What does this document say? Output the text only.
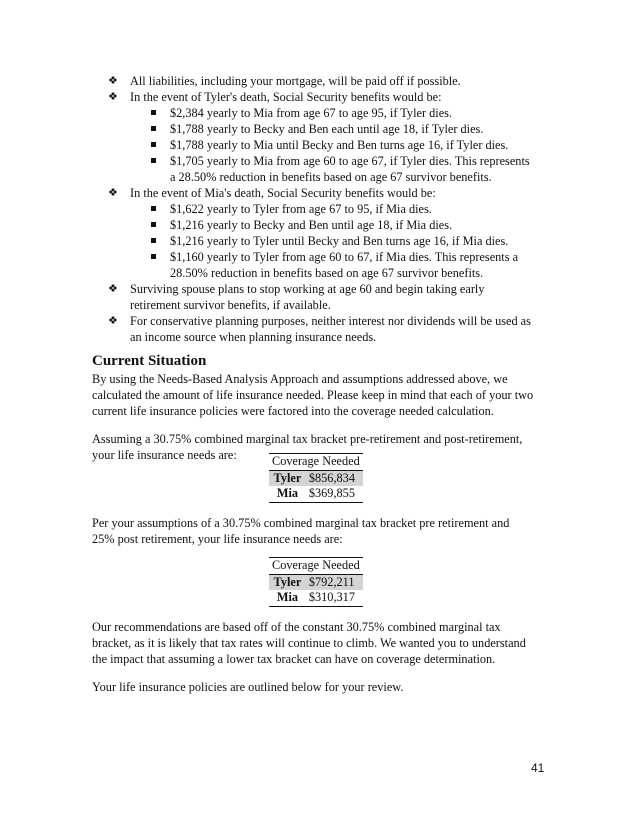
❖ All liabilities, including your mortgage, will be paid off if possible.
❖ In the event of Tyler's death, Social Security benefits would be:
$2,384 yearly to Mia from age 67 to age 95, if Tyler dies.
$1,788 yearly to Becky and Ben each until age 18, if Tyler dies.
$1,788 yearly to Mia until Becky and Ben turns age 16, if Tyler dies.
$1,705 yearly to Mia from age 60 to age 67, if Tyler dies. This represents
a 28.50% reduction in benefits based on age 67 survivor benefits.
❖ In the event of Mia's death, Social Security benefits would be:
$1,622 yearly to Tyler from age 67 to 95, if Mia dies.
$1,216 yearly to Becky and Ben until age 18, if Mia dies.
$1,216 yearly to Tyler until Becky and Ben turns age 16, if Mia dies.
$1,160 yearly to Tyler from age 60 to 67, if Mia dies. This represents a
28.50% reduction in benefits based on age 67 survivor benefits.
❖ Surviving spouse plans to stop working at age 60 and begin taking early
retirement survivor benefits, if available.
❖ For conservative planning purposes, neither interest nor dividends will be used as
an income source when planning insurance needs.
Current Situation
By using the Needs-Based Analysis Approach and assumptions addressed above, we
calculated the amount of life insurance needed. Please keep in mind that each of your two
current life insurance policies were factored into the coverage needed calculation.
Assuming a 30.75% combined marginal tax bracket pre-retirement and post-retirement,
your life insurance needs are:	Coverage Needed	
Tyler	$856,834
Mia	$369,855
Per your assumptions of a 30.75% combined marginal tax bracket pre retirement and
25% post retirement, your life insurance needs are:
Coverage Needed	
Tyler	$792,211
Mia	$310,317
Our recommendations are based off of the constant 30.75% combined marginal tax
bracket, as it is likely that tax rates will continue to climb. We wanted you to understand
the impact that assuming a lower tax bracket can have on coverage determination.
Your life insurance policies are outlined below for your review.
41
